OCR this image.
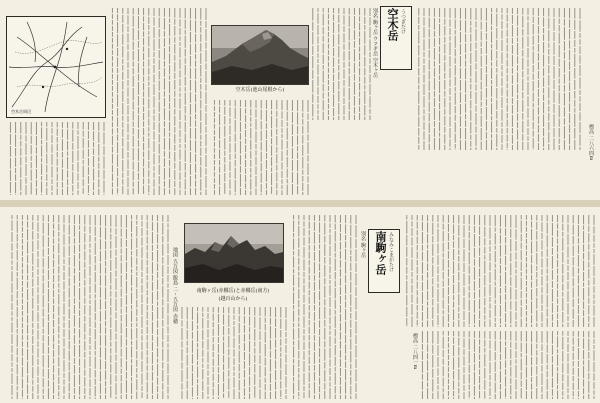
空木岳 うつぎだけ
別名 駒ヶ岳 ウツギ岳 空木ヶ岳
標高 二八六四m
空木岳(池山尾根から)
空木岳周辺
南駒ヶ岳 みなみこまがたけ
別名 駒ヶ岳
標高 二八四一m
地図 五万図 飯島 二・五万図 赤穂	南駒ヶ岳(赤梛岳)と赤梛岳(南方)
(越百山から)
